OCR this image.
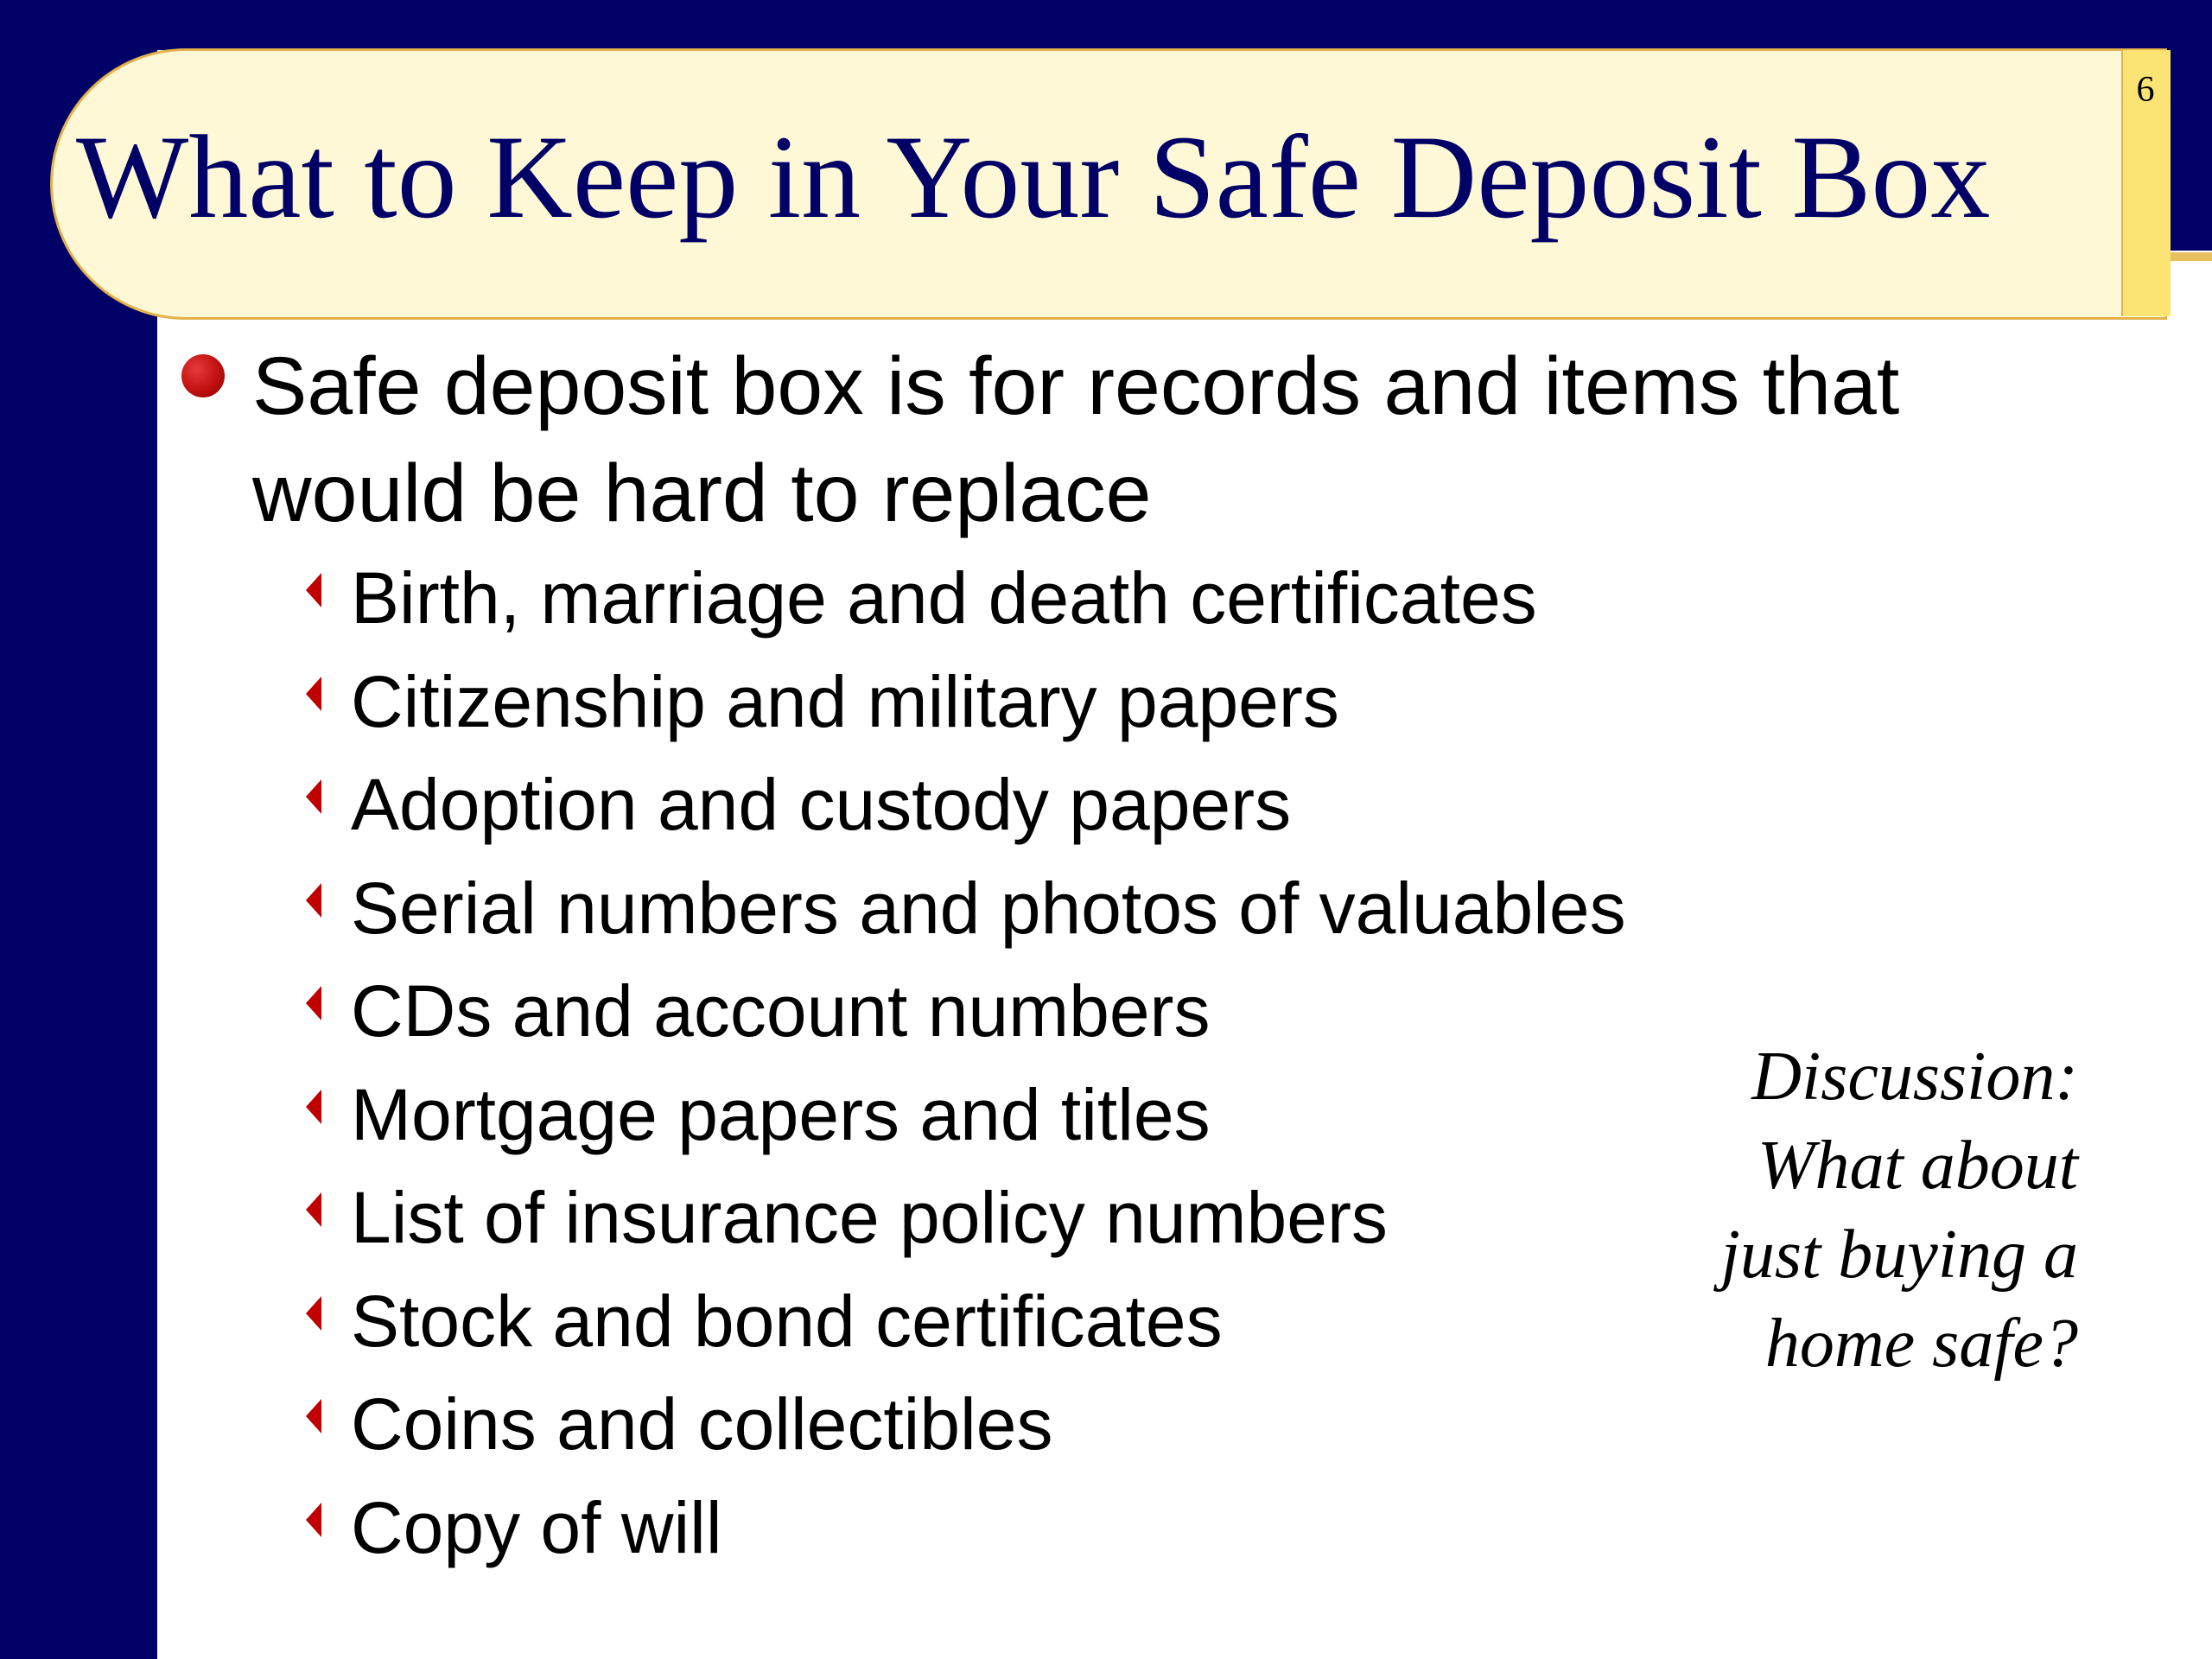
6
What to Keep in Your Safe Deposit Box
Safe deposit box is for records and items that would be hard to replace
Birth, marriage and death certificates
Citizenship and military papers
Adoption and custody papers
Serial numbers and photos of valuables
CDs and account numbers
Mortgage papers and titles
List of insurance policy numbers
Stock and bond certificates
Coins and collectibles
Copy of will
Discussion:
What about
just buying a
home safe?
